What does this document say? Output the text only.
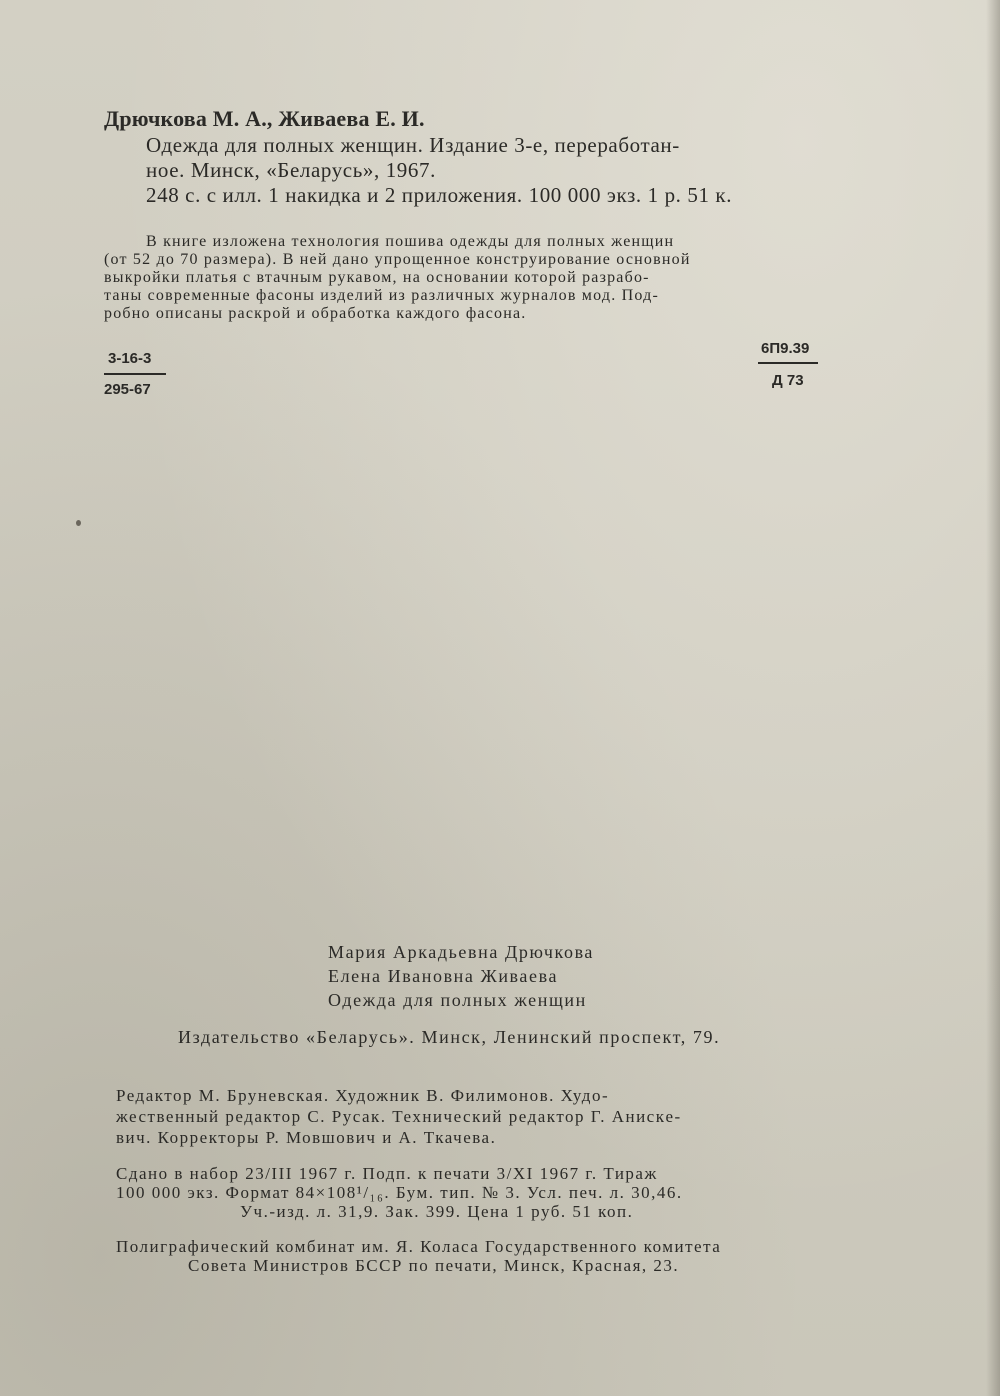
Дрючкова М. А., Живаева Е. И.
Одежда для полных женщин. Издание 3-е, переработан-
ное. Минск, «Беларусь», 1967.
248 с. с илл. 1 накидка и 2 приложения. 100 000 экз. 1 р. 51 к.
В книге изложена технология пошива одежды для полных женщин
(от 52 до 70 размера). В ней дано упрощенное конструирование основной
выкройки платья с втачным рукавом, на основании которой разрабо-
таны современные фасоны изделий из различных журналов мод. Под-
робно описаны раскрой и обработка каждого фасона.
3-16-3
295-67
6П9.39
Д 73
Мария Аркадьевна Дрючкова
Елена Ивановна Живаева
Одежда для полных женщин
Издательство «Беларусь». Минск, Ленинский проспект, 79.
Редактор М. Бруневская. Художник В. Филимонов. Худо-
жественный редактор С. Русак. Технический редактор Г. Анискe-
вич. Корректоры Р. Мовшович и А. Ткачева.
Сдано в набор 23/III 1967 г. Подп. к печати 3/XI 1967 г. Тираж
100 000 экз. Формат 84×108¹/₁₆. Бум. тип. № 3. Усл. печ. л. 30,46.
Уч.-изд. л. 31,9. Зак. 399. Цена 1 руб. 51 коп.
Полиграфический комбинат им. Я. Коласа Государственного комитета
Совета Министров БССР по печати, Минск, Красная, 23.
